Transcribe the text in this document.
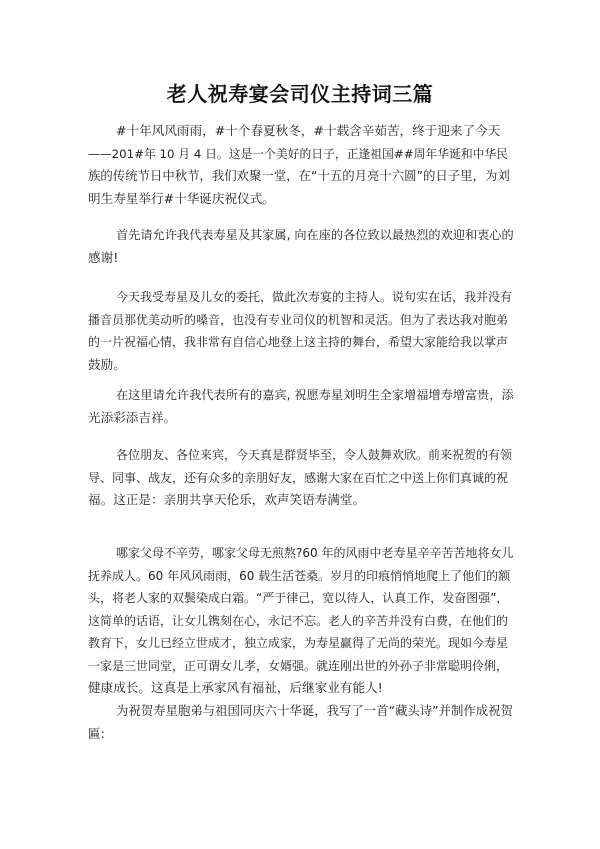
老人祝寿宴会司仪主持词三篇
#十年风风雨雨，#十个春夏秋冬，#十载含辛茹苦，终于迎来了今天
——201#年 10 月 4 日。这是一个美好的日子，正逢祖国##周年华诞和中华民
族的传统节日中秋节，我们欢聚一堂，在“十五的月亮十六圆”的日子里，为刘
明生寿星举行#十华诞庆祝仪式。
首先请允许我代表寿星及其家属, 向在座的各位致以最热烈的欢迎和衷心的
感谢!
今天我受寿星及儿女的委托，做此次寿宴的主持人。说句实在话，我并没有
播音员那优美动听的嗓音，也没有专业司仪的机智和灵活。但为了表达我对胞弟
的一片祝福心情，我非常有自信心地登上这主持的舞台，希望大家能给我以掌声
鼓励。
在这里请允许我代表所有的嘉宾, 祝愿寿星刘明生全家增福增寿增富贵，添
光添彩添吉祥。
各位朋友、各位来宾，今天真是群贤毕至，令人鼓舞欢欣。前来祝贺的有领
导、同事、战友，还有众多的亲朋好友，感谢大家在百忙之中送上你们真诚的祝
福。这正是：亲朋共享天伦乐，欢声笑语寿满堂。
哪家父母不辛劳，哪家父母无煎熬?60 年的风雨中老寿星辛辛苦苦地将女儿
抚养成人。60 年风风雨雨，60 载生活苍桑。岁月的印痕悄悄地爬上了他们的额
头，将老人家的双鬓染成白霜。“严于律己，宽以待人，认真工作，发奋图强”，
这简单的话语，让女儿镌刻在心，永记不忘。老人的辛苦并没有白费，在他们的
教育下，女儿已经立世成才，独立成家，为寿星赢得了无尚的荣光。现如今寿星
一家是三世同堂，正可谓女儿孝，女婿强。就连刚出世的外孙子非常聪明伶俐，
健康成长。这真是上承家风有福祉，后继家业有能人!
为祝贺寿星胞弟与祖国同庆六十华诞，我写了一首“藏头诗”并制作成祝贺
匾:
